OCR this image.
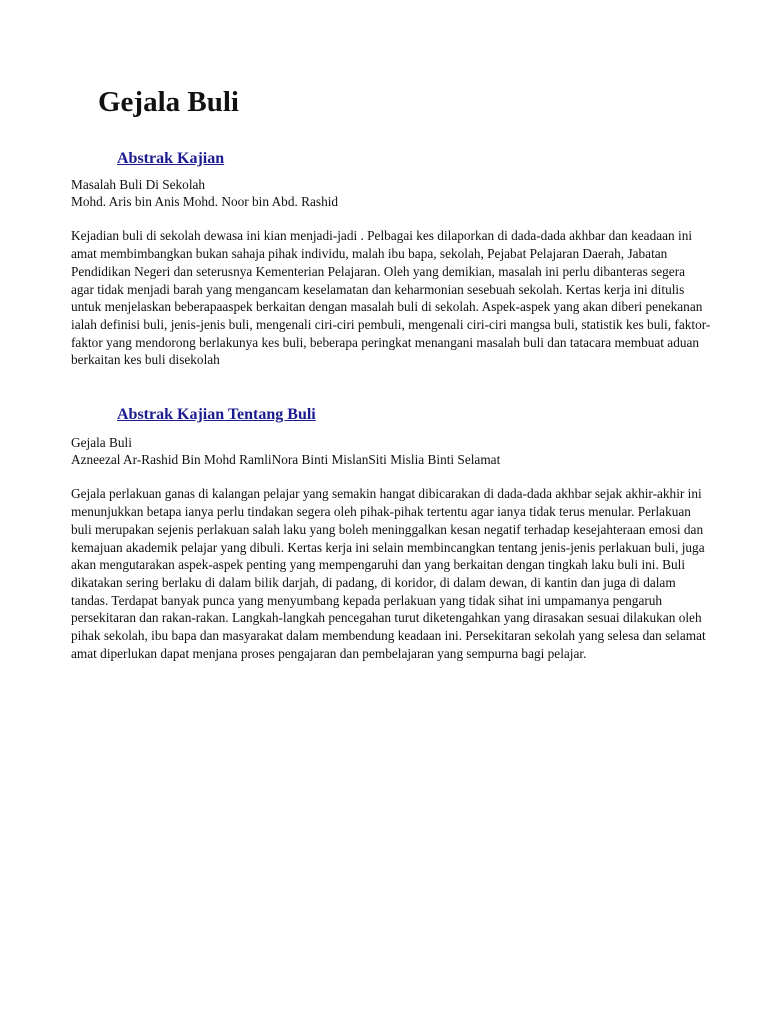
Gejala Buli
Abstrak Kajian
Masalah Buli Di Sekolah
Mohd. Aris bin Anis Mohd. Noor bin Abd. Rashid

Kejadian buli di sekolah dewasa ini kian menjadi-jadi . Pelbagai kes dilaporkan di dada-dada akhbar dan keadaan ini amat membimbangkan bukan sahaja pihak individu, malah ibu bapa, sekolah, Pejabat Pelajaran Daerah, Jabatan Pendidikan Negeri dan seterusnya Kementerian Pelajaran. Oleh yang demikian, masalah ini perlu dibanteras segera agar tidak menjadi barah yang mengancam keselamatan dan keharmonian sesebuah sekolah. Kertas kerja ini ditulis untuk menjelaskan beberapaaspek berkaitan dengan masalah buli di sekolah. Aspek-aspek yang akan diberi penekanan ialah definisi buli, jenis-jenis buli, mengenali ciri-ciri pembuli, mengenali ciri-ciri mangsa buli, statistik kes buli, faktor-faktor yang mendorong berlakunya kes buli, beberapa peringkat menangani masalah buli dan tatacara membuat aduan berkaitan kes buli disekolah

Abstrak Kajian Tentang Buli
Gejala Buli
Azneezal Ar-Rashid Bin Mohd RamliNora Binti MislanSiti Mislia Binti Selamat

Gejala perlakuan ganas di kalangan pelajar yang semakin hangat dibicarakan di dada-dada akhbar sejak akhir-akhir ini menunjukkan betapa ianya perlu tindakan segera oleh pihak-pihak tertentu agar ianya tidak terus menular. Perlakuan buli merupakan sejenis perlakuan salah laku yang boleh meninggalkan kesan negatif terhadap kesejahteraan emosi dan kemajuan akademik pelajar yang dibuli. Kertas kerja ini selain membincangkan tentang jenis-jenis perlakuan buli, juga akan mengutarakan aspek-aspek penting yang mempengaruhi dan yang berkaitan dengan tingkah laku buli ini. Buli dikatakan sering berlaku di dalam bilik darjah, di padang, di koridor, di dalam dewan, di kantin dan juga di dalam tandas. Terdapat banyak punca yang menyumbang kepada perlakuan yang tidak sihat ini umpamanya pengaruh persekitaran dan rakan-rakan. Langkah-langkah pencegahan turut diketengahkan yang dirasakan sesuai dilakukan oleh pihak sekolah, ibu bapa dan masyarakat dalam membendung keadaan ini. Persekitaran sekolah yang selesa dan selamat amat diperlukan dapat menjana proses pengajaran dan pembelajaran yang sempurna bagi pelajar.
